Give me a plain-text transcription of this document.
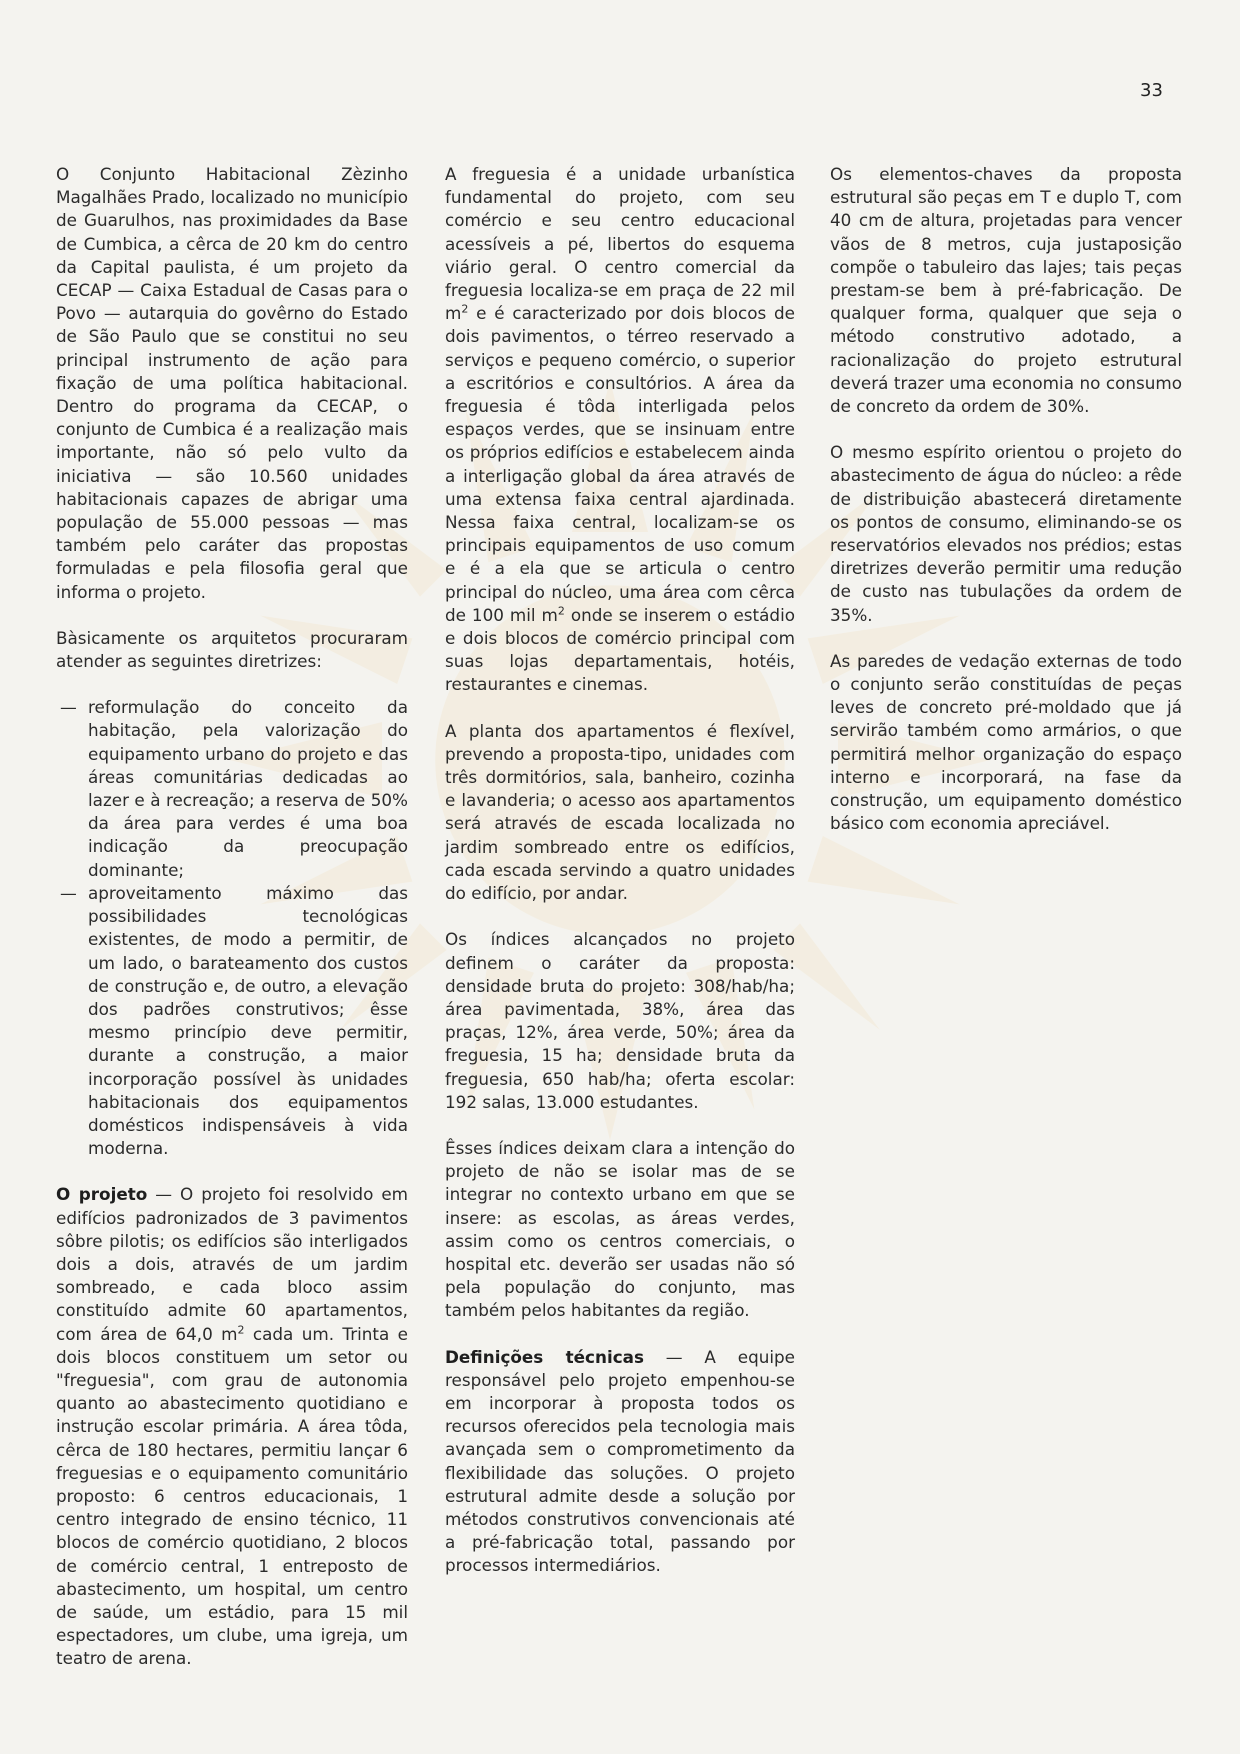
33

O Conjunto Habitacional Zèzinho Magalhães Prado, localizado no município de Guarulhos, nas proximidades da Base de Cumbica, a cêrca de 20 km do centro da Capital paulista, é um projeto da CECAP — Caixa Estadual de Casas para o Povo — autarquia do govêrno do Estado de São Paulo que se constitui no seu principal instrumento de ação para fixação de uma política habitacional. Dentro do programa da CECAP, o conjunto de Cumbica é a realização mais importante, não só pelo vulto da iniciativa — são 10.560 unidades habitacionais capazes de abrigar uma população de 55.000 pessoas — mas também pelo caráter das propostas formuladas e pela filosofia geral que informa o projeto.

Bàsicamente os arquitetos procuraram atender as seguintes diretrizes:

— reformulação do conceito da habitação, pela valorização do equipamento urbano do projeto e das áreas comunitárias dedicadas ao lazer e à recreação; a reserva de 50% da área para verdes é uma boa indicação da preocupação dominante;
— aproveitamento máximo das possibilidades tecnológicas existentes, de modo a permitir, de um lado, o barateamento dos custos de construção e, de outro, a elevação dos padrões construtivos; êsse mesmo princípio deve permitir, durante a construção, a maior incorporação possível às unidades habitacionais dos equipamentos domésticos indispensáveis à vida moderna.

O projeto — O projeto foi resolvido em edifícios padronizados de 3 pavimentos sôbre pilotis; os edifícios são interligados dois a dois, através de um jardim sombreado, e cada bloco assim constituído admite 60 apartamentos, com área de 64,0 $m^2$ cada um. Trinta e dois blocos constituem um setor ou "freguesia", com grau de autonomia quanto ao abastecimento quotidiano e instrução escolar primária. A área tôda, cêrca de 180 hectares, permitiu lançar 6 freguesias e o equipamento comunitário proposto: 6 centros educacionais, 1 centro integrado de ensino técnico, 11 blocos de comércio quotidiano, 2 blocos de comércio central, 1 entreposto de abastecimento, um hospital, um centro de saúde, um estádio, para 15 mil espectadores, um clube, uma igreja, um teatro de arena.

A freguesia é a unidade urbanística fundamental do projeto, com seu comércio e seu centro educacional acessíveis a pé, libertos do esquema viário geral. O centro comercial da freguesia localiza-se em praça de 22 mil $m^2$ e é caracterizado por dois blocos de dois pavimentos, o térreo reservado a serviços e pequeno comércio, o superior a escritórios e consultórios. A área da freguesia é tôda interligada pelos espaços verdes, que se insinuam entre os próprios edifícios e estabelecem ainda a interligação global da área através de uma extensa faixa central ajardinada. Nessa faixa central, localizam-se os principais equipamentos de uso comum e é a ela que se articula o centro principal do núcleo, uma área com cêrca de 100 mil $m^2$ onde se inserem o estádio e dois blocos de comércio principal com suas lojas departamentais, hotéis, restaurantes e cinemas.

A planta dos apartamentos é flexível, prevendo a proposta-tipo, unidades com três dormitórios, sala, banheiro, cozinha e lavanderia; o acesso aos apartamentos será através de escada localizada no jardim sombreado entre os edifícios, cada escada servindo a quatro unidades do edifício, por andar.

Os índices alcançados no projeto definem o caráter da proposta: densidade bruta do projeto: 308/hab/ha; área pavimentada, 38%, área das praças, 12%, área verde, 50%; área da freguesia, 15 ha; densidade bruta da freguesia, 650 hab/ha; oferta escolar: 192 salas, 13.000 estudantes.

Êsses índices deixam clara a intenção do projeto de não se isolar mas de se integrar no contexto urbano em que se insere: as escolas, as áreas verdes, assim como os centros comerciais, o hospital etc. deverão ser usadas não só pela população do conjunto, mas também pelos habitantes da região.

Definições técnicas — A equipe responsável pelo projeto empenhou-se em incorporar à proposta todos os recursos oferecidos pela tecnologia mais avançada sem o comprometimento da flexibilidade das soluções. O projeto estrutural admite desde a solução por métodos construtivos convencionais até a pré-fabricação total, passando por processos intermediários.

Os elementos-chaves da proposta estrutural são peças em T e duplo T, com 40 cm de altura, projetadas para vencer vãos de 8 metros, cuja justaposição compõe o tabuleiro das lajes; tais peças prestam-se bem à pré-fabricação. De qualquer forma, qualquer que seja o método construtivo adotado, a racionalização do projeto estrutural deverá trazer uma economia no consumo de concreto da ordem de 30%.

O mesmo espírito orientou o projeto do abastecimento de água do núcleo: a rêde de distribuição abastecerá diretamente os pontos de consumo, eliminando-se os reservatórios elevados nos prédios; estas diretrizes deverão permitir uma redução de custo nas tubulações da ordem de 35%.

As paredes de vedação externas de todo o conjunto serão constituídas de peças leves de concreto pré-moldado que já servirão também como armários, o que permitirá melhor organização do espaço interno e incorporará, na fase da construção, um equipamento doméstico básico com economia apreciável.
